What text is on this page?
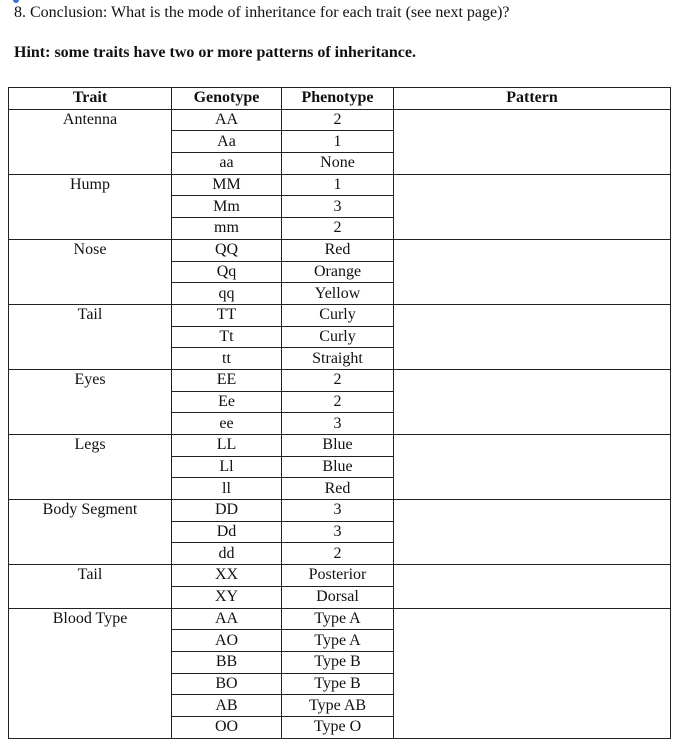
8. Conclusion: What is the mode of inheritance for each trait (see next page)?
Hint: some traits have two or more patterns of inheritance.
Trait	Genotype	Phenotype	Pattern
Antenna	AA	2	
	Aa	1	
	aa	None	
Hump	MM	1	
	Mm	3	
	mm	2	
Nose	QQ	Red	
	Qq	Orange	
	qq	Yellow	
Tail	TT	Curly	
	Tt	Curly	
	tt	Straight	
Eyes	EE	2	
	Ee	2	
	ee	3	
Legs	LL	Blue	
	Ll	Blue	
	ll	Red	
Body Segment	DD	3	
	Dd	3	
	dd	2	
Tail	XX	Posterior	
	XY	Dorsal	
Blood Type	AA	Type A	
	AO	Type A	
	BB	Type B	
	BO	Type B	
	AB	Type AB	
	OO	Type O	
